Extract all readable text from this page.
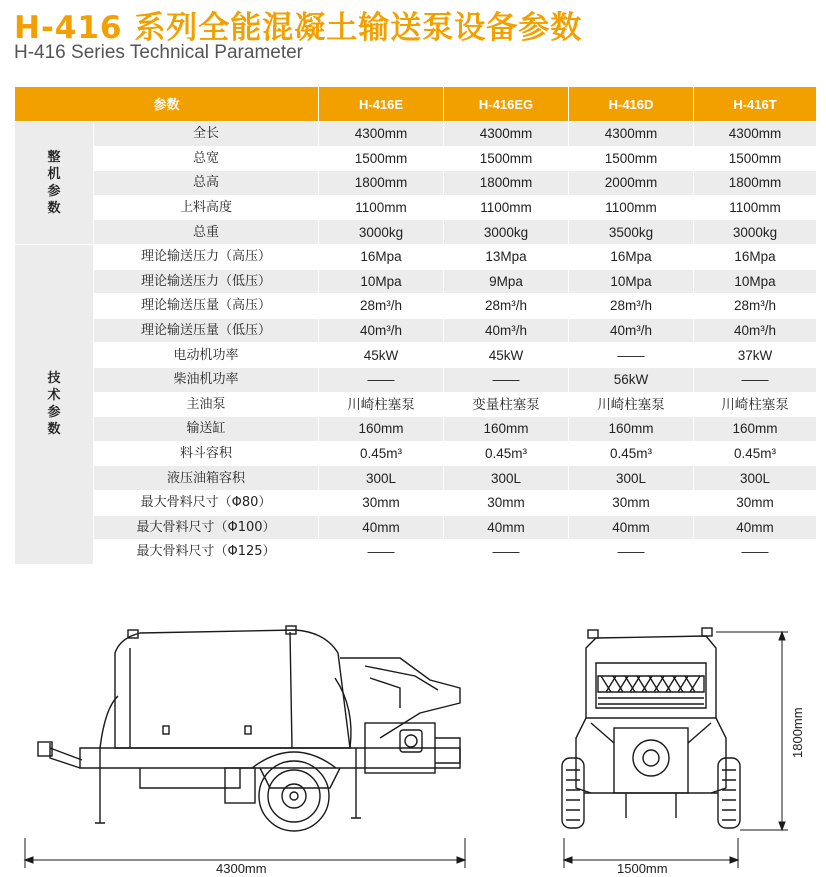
H-416 系列全能混凝土输送泵设备参数
H-416 Series Technical Parameter
参数		H-416E	H-416EG	H-416D	H-416T

整
机
参
数	全长	4300mm	4300mm	4300mm	4300mm
	总宽	1500mm	1500mm	1500mm	1500mm
	总高	1800mm	1800mm	2000mm	1800mm
	上料高度	1100mm	1100mm	1100mm	1100mm
	总重	3000kg	3000kg	3500kg	3000kg

技
术
参
数	理论输送压力（高压）	16Mpa	13Mpa	16Mpa	16Mpa
	理论输送压力（低压）	10Mpa	9Mpa	10Mpa	10Mpa
	理论输送压量（高压）	28m³/h	28m³/h	28m³/h	28m³/h
	理论输送压量（低压）	40m³/h	40m³/h	40m³/h	40m³/h
	电动机功率	45kW	45kW	——	37kW
	柴油机功率	——	——	56kW	——
	主油泵	川崎柱塞泵	变量柱塞泵	川崎柱塞泵	川崎柱塞泵
	输送缸	160mm	160mm	160mm	160mm
	料斗容积	0.45m³	0.45m³	0.45m³	0.45m³
	液压油箱容积	300L	300L	300L	300L
	最大骨料尺寸（Φ80）	30mm	30mm	30mm	30mm
	最大骨料尺寸（Φ100）	40mm	40mm	40mm	40mm
	最大骨料尺寸（Φ125）	——	——	——	——
4300mm	1500mm
1800mm
